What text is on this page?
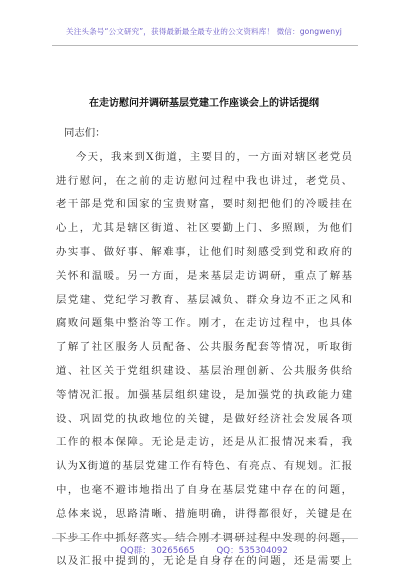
关注头条号“公文研究”，获得最新最全最专业的公文资料库！ 微信：gongwenyj
在走访慰问并调研基层党建工作座谈会上的讲话提纲
同志们：
今天，我来到X街道，主要目的，一方面对辖区老党员
进行慰问，在之前的走访慰问过程中我也讲过，老党员、
老干部是党和国家的宝贵财富，要时刻把他们的冷暖挂在
心上，尤其是辖区街道、社区要勤上门、多照顾，为他们
办实事、做好事、解难事，让他们时刻感受到党和政府的
关怀和温暖。另一方面，是来基层走访调研，重点了解基
层党建、党纪学习教育、基层减负、群众身边不正之风和
腐败问题集中整治等工作。刚才，在走访过程中，也具体
了解了社区服务人员配备、公共服务配套等情况，听取街
道、社区关于党组织建设、基层治理创新、公共服务供给
等情况汇报。加强基层组织建设，是加强党的执政能力建
设、巩固党的执政地位的关键，是做好经济社会发展各项
工作的根本保障。无论是走访，还是从汇报情况来看，我
认为X街道的基层党建工作有特色、有亮点、有规划。汇报
中，也毫不避讳地指出了自身在基层党建中存在的问题，
总体来说，思路清晰、措施明确，讲得都很好，关键是在
下步工作中抓好落实。结合刚才调研过程中发现的问题，
以及汇报中提到的，无论是自身存在的问题，还是需要上
QQ群：30265665	QQ：535304092
